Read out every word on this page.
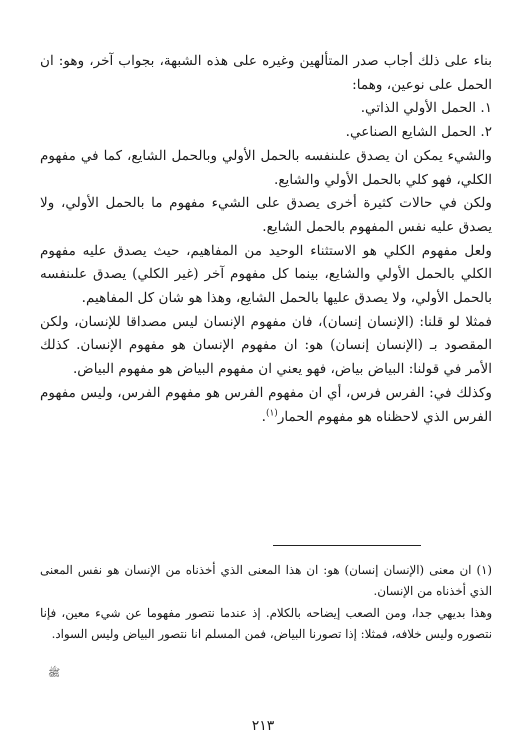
بناء على ذلك أجاب صدر المتألهين وغيره على هذه الشبهة، بجواب آخر، وهو: ان الحمل على نوعين، وهما:

١. الحمل الأولي الذاتي.

٢. الحمل الشايع الصناعي.

والشيء يمكن ان يصدق علىنفسه بالحمل الأولي وبالحمل الشايع، كما في مفهوم الكلي، فهو كلي بالحمل الأولي والشايع.

ولكن في حالات كثيرة أخرى يصدق على الشيء مفهوم ما بالحمل الأولي، ولا يصدق عليه نفس المفهوم بالحمل الشايع.

ولعل مفهوم الكلي هو الاستثناء الوحيد من المفاهيم، حيث يصدق عليه مفهوم الكلي بالحمل الأولي والشايع، بينما كل مفهوم آخر (غير الكلي) يصدق علىنفسه بالحمل الأولي، ولا يصدق عليها بالحمل الشايع، وهذا هو شان كل المفاهيم.

فمثلا لو قلنا: (الإنسان إنسان)، فان مفهوم الإنسان ليس مصداقا للإنسان، ولكن المقصود بـ (الإنسان إنسان) هو: ان مفهوم الإنسان هو مفهوم الإنسان. كذلك الأمر في قولنا: البياض بياض، فهو يعني ان مفهوم البياض هو مفهوم البياض.

وكذلك في: الفرس فرس، أي ان مفهوم الفرس هو مفهوم الفرس، وليس مفهوم الفرس الذي لاحظناه هو مفهوم الحمار$^{(١)}$.

(١) ان معنى (الإنسان إنسان) هو: ان هذا المعنى الذي أخذناه من الإنسان هو نفس المعنى الذي أخذناه من الإنسان.

وهذا بديهي جدا، ومن الصعب إيضاحه بالكلام. إذ عندما نتصور مفهوما عن شيء معين، فإنا نتصوره وليس خلافه، فمثلا: إذا تصورنا البياض، فمن المسلم انا نتصور البياض وليس السواد.

ﷺ
٢١٣
